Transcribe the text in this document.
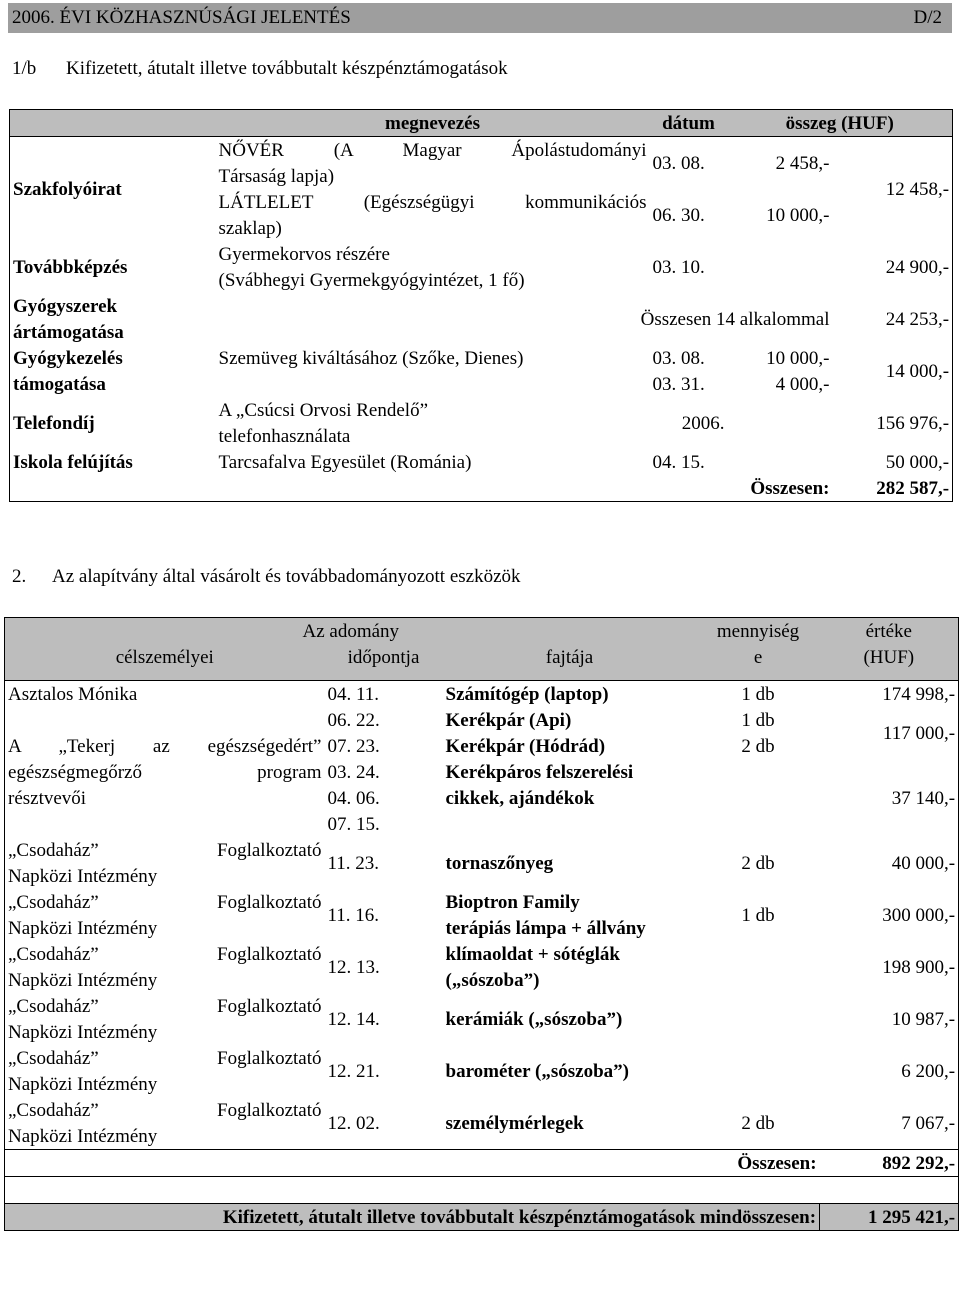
2006. ÉVI KÖZHASZNÚSÁGI JELENTÉS	D/2
1/b Kifizetett, átutalt illetve továbbutalt készpénztámogatások
	megnevezés	dátum	összeg (HUF)	
Szakfolyóirat	NŐVÉR (A Magyar Ápolástudományi	03. 08.	2 458,-	12 458,-
	Társaság lapja)			
	LÁTLELET (Egészségügyi kommunikációs	06. 30.	10 000,-	
	szaklap)			
Továbbképzés	Gyermekorvos részére	03. 10.	24 900,-	
	(Svábhegyi Gyermekgyógyintézet, 1 fő)			
Gyógyszerek	Összesen 14 alkalommal			24 253,-
ártámogatása				
Gyógykezelés	Szemüveg kiváltásához (Szőke, Dienes)	03. 08.	10 000,-	14 000,-
támogatása		03. 31.	4 000,-	
Telefondíj	A „Csúcsi Orvosi Rendelő”	2006.	156 976,-	
	telefonhasználata			
Iskola felújítás	Tarcsafalva Egyesület (Románia)	04. 15.	50 000,-	
Összesen:				282 587,-
2. Az alapítvány által vásárolt és továbbadományozott eszközök
Az adomány			mennyiség	értéke
célszemélyei	időpontja	fajtája	e	(HUF)

Asztalos Mónika	04. 11.	Számítógép (laptop)	1 db	174 998,-
	06. 22.	Kerékpár (Api)	1 db	117 000,-
A „Tekerj az egészségedért”	07. 23.	Kerékpár (Hódrád)	2 db	
egészségmegőrző program	03. 24.	Kerékpáros felszerelési		37 140,-
résztvevői	04. 06.	cikkek, ajándékok		
	07. 15.			
„Csodaház” Foglalkoztató	11. 23.	tornaszőnyeg	2 db	40 000,-
Napközi Intézmény				
„Csodaház” Foglalkoztató	11. 16.	Bioptron Family	1 db	300 000,-
Napközi Intézmény		terápiás lámpa + állvány		
„Csodaház” Foglalkoztató	12. 13.	klímaoldat + sótéglák		198 900,-
Napközi Intézmény		(„sószoba”)		
„Csodaház” Foglalkoztató	12. 14.	kerámiák („sószoba”)		10 987,-
Napközi Intézmény				
„Csodaház” Foglalkoztató	12. 21.	barométer („sószoba”)		6 200,-
Napközi Intézmény				
„Csodaház” Foglalkoztató	12. 02.	személymérlegek	2 db	7 067,-
Napközi Intézmény				
Összesen:				892 292,-

Kifizetett, átutalt illetve továbbutalt készpénztámogatások mindösszesen:				1 295 421,-
